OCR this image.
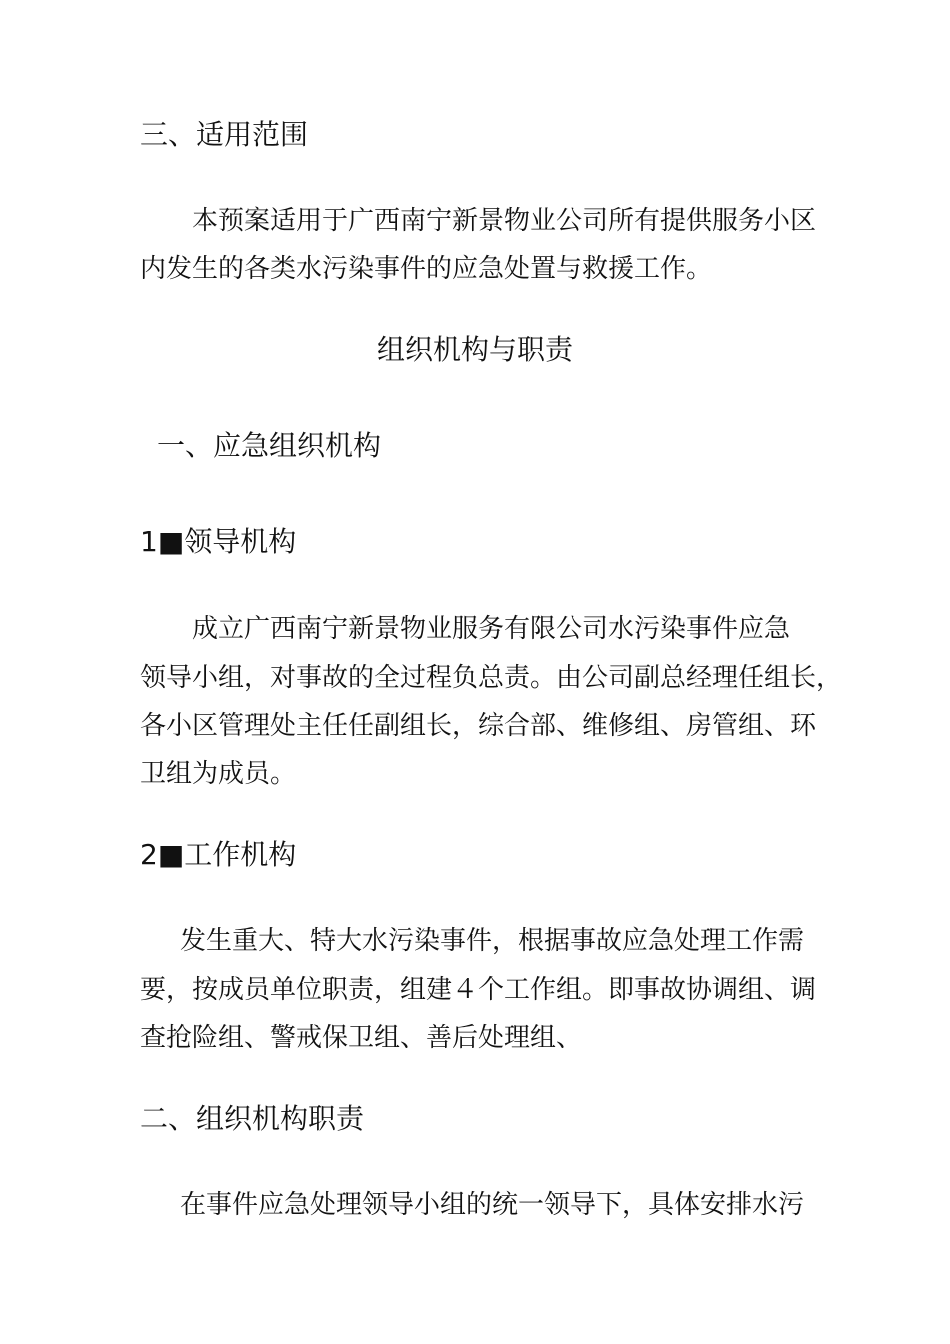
三、适用范围
本预案适用于广西南宁新景物业公司所有提供服务小区
内发生的各类水污染事件的应急处置与救援工作。
组织机构与职责
一、应急组织机构
1■领导机构
成立广西南宁新景物业服务有限公司水污染事件应急
领导小组，对事故的全过程负总责。由公司副总经理任组长，
各小区管理处主任任副组长，综合部、维修组、房管组、环
卫组为成员。
2■工作机构
发生重大、特大水污染事件，根据事故应急处理工作需
要，按成员单位职责，组建４个工作组。即事故协调组、调
查抢险组、警戒保卫组、善后处理组、
二、组织机构职责
在事件应急处理领导小组的统一领导下，具体安排水污
